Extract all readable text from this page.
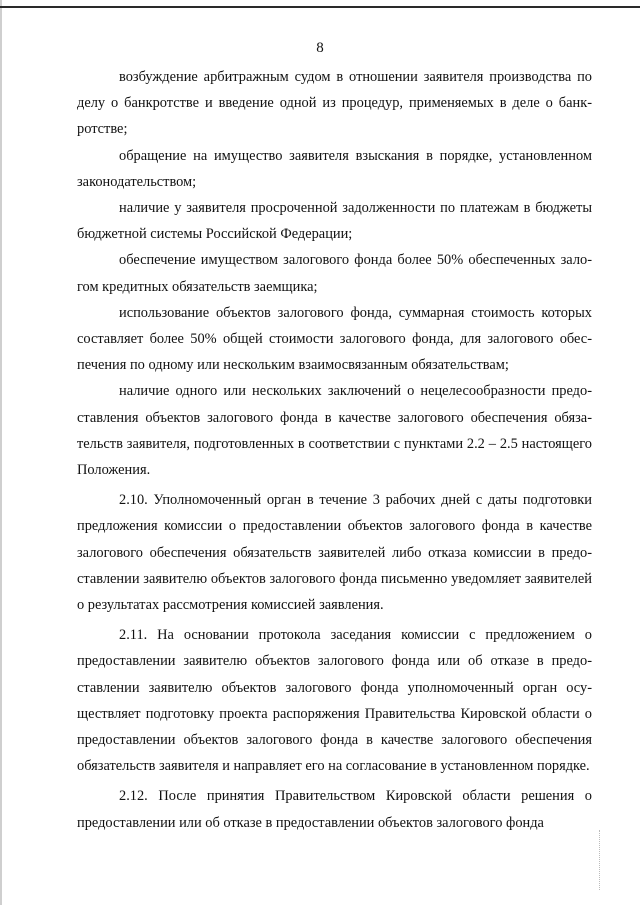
8

возбуждение арбитражным судом в отношении заявителя производства по делу о банкротстве и введение одной из процедур, применяемых в деле о банкротстве;

обращение на имущество заявителя взыскания в порядке, установленном законодательством;

наличие у заявителя просроченной задолженности по платежам в бюджеты бюджетной системы Российской Федерации;

обеспечение имуществом залогового фонда более 50% обеспеченных залогом кредитных обязательств заемщика;

использование объектов залогового фонда, суммарная стоимость которых составляет более 50% общей стоимости залогового фонда, для залогового обеспечения по одному или нескольким взаимосвязанным обязательствам;

наличие одного или нескольких заключений о нецелесообразности предоставления объектов залогового фонда в качестве залогового обеспечения обязательств заявителя, подготовленных в соответствии с пунктами 2.2 – 2.5 настоящего Положения.

2.10. Уполномоченный орган в течение 3 рабочих дней с даты подготовки предложения комиссии о предоставлении объектов залогового фонда в качестве залогового обеспечения обязательств заявителей либо отказа комиссии в предоставлении заявителю объектов залогового фонда письменно уведомляет заявителей о результатах рассмотрения комиссией заявления.

2.11. На основании протокола заседания комиссии с предложением о предоставлении заявителю объектов залогового фонда или об отказе в предоставлении заявителю объектов залогового фонда уполномоченный орган осуществляет подготовку проекта распоряжения Правительства Кировской области о предоставлении объектов залогового фонда в качестве залогового обеспечения обязательств заявителя и направляет его на согласование в установленном порядке.

2.12. После принятия Правительством Кировской области решения о предоставлении или об отказе в предоставлении объектов залогового фонда
